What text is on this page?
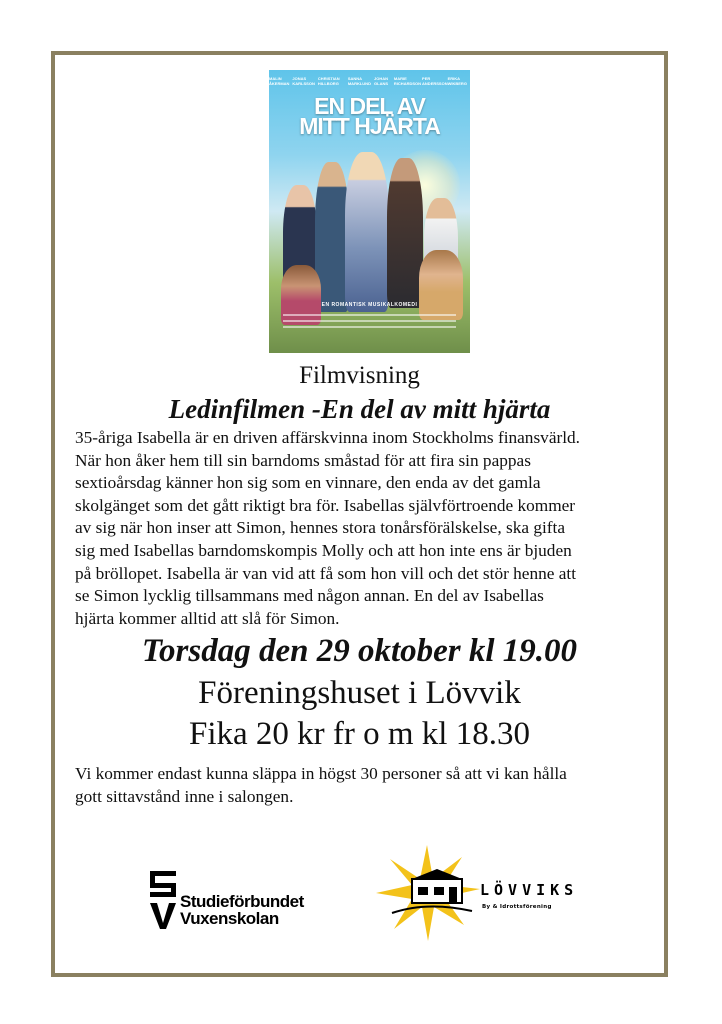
MALIN ÅKERMAN
JONAS KARLSSON
CHRISTIAN HILLBORG
SANNA MARKLUND
JOHAN GLANS
MARIE RICHARDSON
PER ANDERSSON
ERIKA WIKBERG
EN DEL AV
MITT HJÄRTA
EN ROMANTISK MUSIKALKOMEDI
Filmvisning
Ledinfilmen -En del av mitt hjärta
35-åriga Isabella är en driven affärskvinna inom Stockholms finansvärld.
När hon åker hem till sin barndoms småstad för att fira sin pappas
sextioårsdag känner hon sig som en vinnare, den enda av det gamla
skolgänget som det gått riktigt bra för. Isabellas självförtroende kommer
av sig när hon inser att Simon, hennes stora tonårsförälskelse, ska gifta
sig med Isabellas barndomskompis Molly och att hon inte ens är bjuden
på bröllopet. Isabella är van vid att få som hon vill och det stör henne att
se Simon lycklig tillsammans med någon annan. En del av Isabellas
hjärta kommer alltid att slå för Simon.
Torsdag den 29 oktober kl 19.00
Föreningshuset i Lövvik
Fika 20 kr fr o m kl 18.30
Vi kommer endast kunna släppa in högst 30 personer så att vi kan hålla
gott sittavstånd inne i salongen.
Studieförbundet
Vuxenskolan
LÖVVIKS
By & Idrottsförening
